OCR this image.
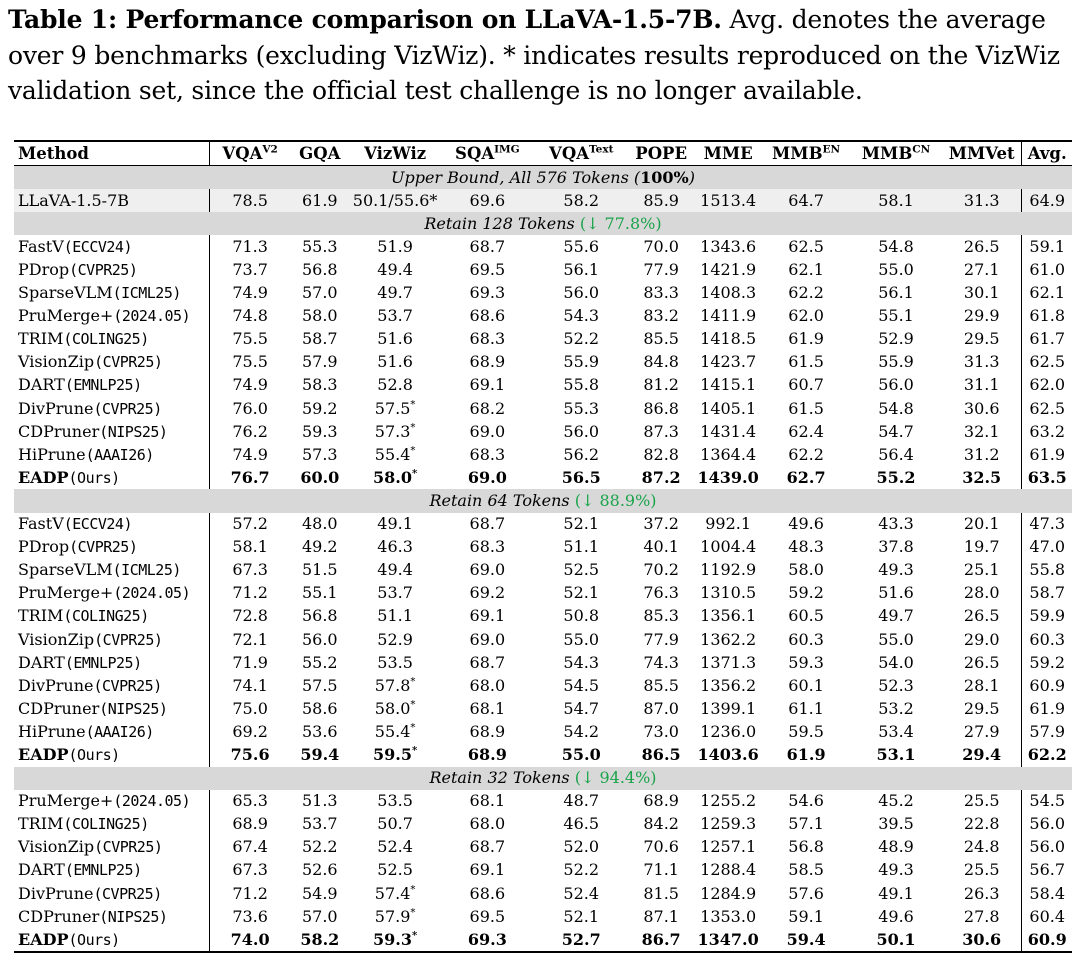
Table 1: Performance comparison on LLaVA-1.5-7B. Avg. denotes the average over 9 benchmarks (excluding VizWiz). * indicates results reproduced on the VizWiz validation set, since the official test challenge is no longer available.
Method	$VQA^{V2}$	GQA	VizWiz	$SQA^{IMG}$	$VQA^{Text}$	POPE	MME	$MMB^{EN}$	$MMB^{CN}$	MMVet	Avg.
Upper Bound, All 576 Tokens (100%)											
LLaVA-1.5-7B	78.5	61.9	50.1/55.6*	69.6	58.2	85.9	1513.4	64.7	58.1	31.3	64.9
Retain 128 Tokens (↓ 77.8%)											
FastV(ECCV24)	71.3	55.3	51.9	68.7	55.6	70.0	1343.6	62.5	54.8	26.5	59.1
PDrop(CVPR25)	73.7	56.8	49.4	69.5	56.1	77.9	1421.9	62.1	55.0	27.1	61.0
SparseVLM(ICML25)	74.9	57.0	49.7	69.3	56.0	83.3	1408.3	62.2	56.1	30.1	62.1
PruMerge+(2024.05)	74.8	58.0	53.7	68.6	54.3	83.2	1411.9	62.0	55.1	29.9	61.8
TRIM(COLING25)	75.5	58.7	51.6	68.3	52.2	85.5	1418.5	61.9	52.9	29.5	61.7
VisionZip(CVPR25)	75.5	57.9	51.6	68.9	55.9	84.8	1423.7	61.5	55.9	31.3	62.5
DART(EMNLP25)	74.9	58.3	52.8	69.1	55.8	81.2	1415.1	60.7	56.0	31.1	62.0
DivPrune(CVPR25)	76.0	59.2	57.5*	68.2	55.3	86.8	1405.1	61.5	54.8	30.6	62.5
CDPruner(NIPS25)	76.2	59.3	57.3*	69.0	56.0	87.3	1431.4	62.4	54.7	32.1	63.2
HiPrune(AAAI26)	74.9	57.3	55.4*	68.3	56.2	82.8	1364.4	62.2	56.4	31.2	61.9
EADP(Ours)	76.7	60.0	58.0*	69.0	56.5	87.2	1439.0	62.7	55.2	32.5	63.5
Retain 64 Tokens (↓ 88.9%)											
FastV(ECCV24)	57.2	48.0	49.1	68.7	52.1	37.2	992.1	49.6	43.3	20.1	47.3
PDrop(CVPR25)	58.1	49.2	46.3	68.3	51.1	40.1	1004.4	48.3	37.8	19.7	47.0
SparseVLM(ICML25)	67.3	51.5	49.4	69.0	52.5	70.2	1192.9	58.0	49.3	25.1	55.8
PruMerge+(2024.05)	71.2	55.1	53.7	69.2	52.1	76.3	1310.5	59.2	51.6	28.0	58.7
TRIM(COLING25)	72.8	56.8	51.1	69.1	50.8	85.3	1356.1	60.5	49.7	26.5	59.9
VisionZip(CVPR25)	72.1	56.0	52.9	69.0	55.0	77.9	1362.2	60.3	55.0	29.0	60.3
DART(EMNLP25)	71.9	55.2	53.5	68.7	54.3	74.3	1371.3	59.3	54.0	26.5	59.2
DivPrune(CVPR25)	74.1	57.5	57.8*	68.0	54.5	85.5	1356.2	60.1	52.3	28.1	60.9
CDPruner(NIPS25)	75.0	58.6	58.0*	68.1	54.7	87.0	1399.1	61.1	53.2	29.5	61.9
HiPrune(AAAI26)	69.2	53.6	55.4*	68.9	54.2	73.0	1236.0	59.5	53.4	27.9	57.9
EADP(Ours)	75.6	59.4	59.5*	68.9	55.0	86.5	1403.6	61.9	53.1	29.4	62.2
Retain 32 Tokens (↓ 94.4%)											
PruMerge+(2024.05)	65.3	51.3	53.5	68.1	48.7	68.9	1255.2	54.6	45.2	25.5	54.5
TRIM(COLING25)	68.9	53.7	50.7	68.0	46.5	84.2	1259.3	57.1	39.5	22.8	56.0
VisionZip(CVPR25)	67.4	52.2	52.4	68.7	52.0	70.6	1257.1	56.8	48.9	24.8	56.0
DART(EMNLP25)	67.3	52.6	52.5	69.1	52.2	71.1	1288.4	58.5	49.3	25.5	56.7
DivPrune(CVPR25)	71.2	54.9	57.4*	68.6	52.4	81.5	1284.9	57.6	49.1	26.3	58.4
CDPruner(NIPS25)	73.6	57.0	57.9*	69.5	52.1	87.1	1353.0	59.1	49.6	27.8	60.4
EADP(Ours)	74.0	58.2	59.3*	69.3	52.7	86.7	1347.0	59.4	50.1	30.6	60.9
